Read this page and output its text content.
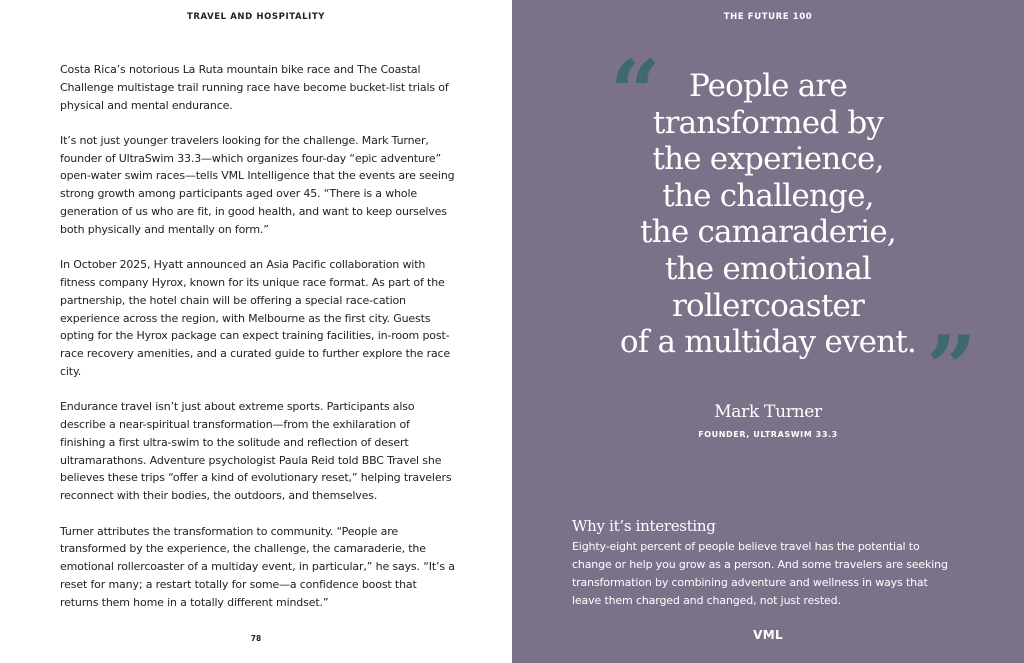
TRAVEL AND HOSPITALITY

Costa Rica’s notorious La Ruta mountain bike race and The Coastal Challenge multistage trail running race have become bucket-list trials of physical and mental endurance.

It’s not just younger travelers looking for the challenge. Mark Turner, founder of UltraSwim 33.3—which organizes four-day “epic adventure” open-water swim races—tells VML Intelligence that the events are seeing strong growth among participants aged over 45. “There is a whole generation of us who are fit, in good health, and want to keep ourselves both physically and mentally on form.”

In October 2025, Hyatt announced an Asia Pacific collaboration with fitness company Hyrox, known for its unique race format. As part of the partnership, the hotel chain will be offering a special race-cation experience across the region, with Melbourne as the first city. Guests opting for the Hyrox package can expect training facilities, in-room post-race recovery amenities, and a curated guide to further explore the race city.

Endurance travel isn’t just about extreme sports. Participants also describe a near-spiritual transformation—from the exhilaration of finishing a first ultra-swim to the solitude and reflection of desert ultramarathons. Adventure psychologist Paula Reid told BBC Travel she believes these trips “offer a kind of evolutionary reset,” helping travelers reconnect with their bodies, the outdoors, and themselves.

Turner attributes the transformation to community. “People are transformed by the experience, the challenge, the camaraderie, the emotional rollercoaster of a multiday event, in particular,” he says. “It’s a reset for many; a restart totally for some—a confidence boost that returns them home in a totally different mindset.”

78
THE FUTURE 100
“	People are
transformed by
the experience,
the challenge,
the camaraderie,
the emotional
rollercoaster
of a multiday event. ”
Mark Turner
FOUNDER, ULTRASWIM 33.3
Why it’s interesting
Eighty-eight percent of people believe travel has the potential to change or help you grow as a person. And some travelers are seeking transformation by combining adventure and wellness in ways that leave them charged and changed, not just rested.
VML
